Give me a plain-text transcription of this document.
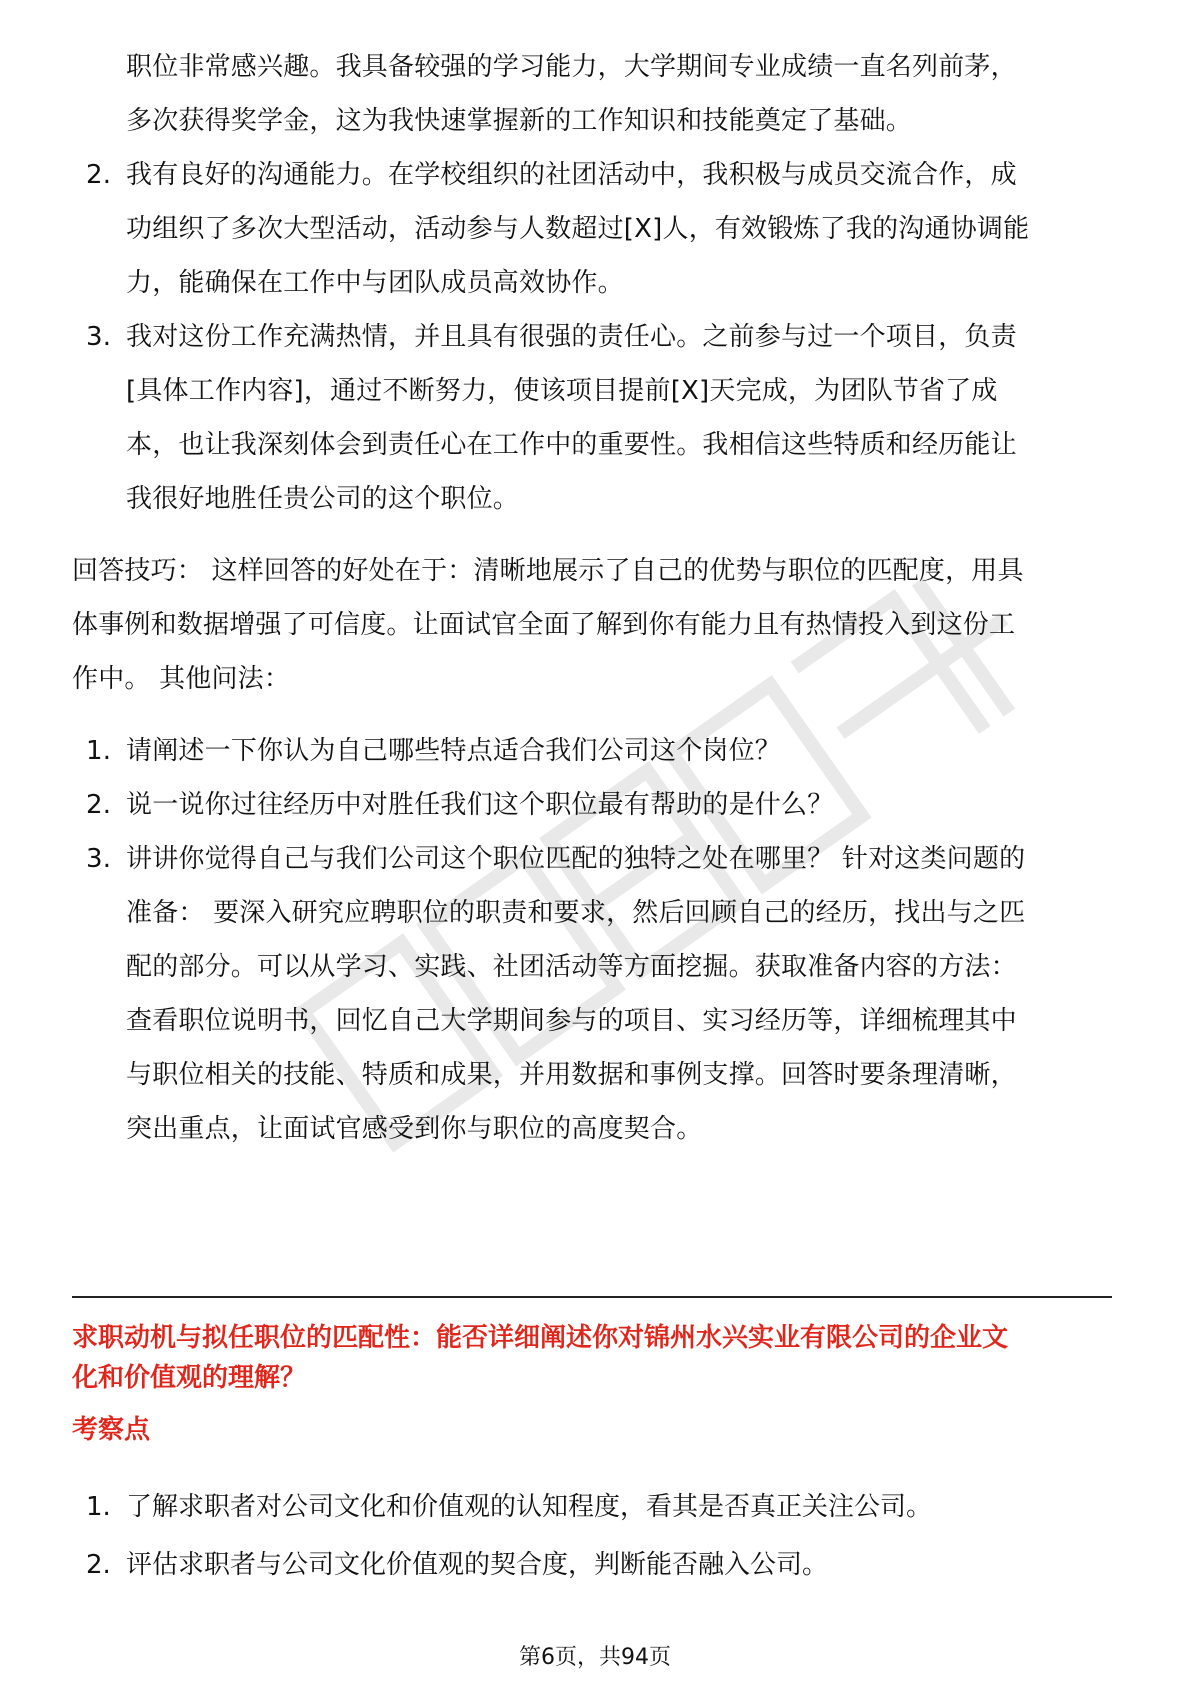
职位非常感兴趣。我具备较强的学习能力，大学期间专业成绩一直名列前茅，
多次获得奖学金，这为我快速掌握新的工作知识和技能奠定了基础。
2. 我有良好的沟通能力。在学校组织的社团活动中，我积极与成员交流合作，成
功组织了多次大型活动，活动参与人数超过[X]人，有效锻炼了我的沟通协调能
力，能确保在工作中与团队成员高效协作。
3. 我对这份工作充满热情，并且具有很强的责任心。之前参与过一个项目，负责
[具体工作内容]，通过不断努力，使该项目提前[X]天完成，为团队节省了成
本，也让我深刻体会到责任心在工作中的重要性。我相信这些特质和经历能让
我很好地胜任贵公司的这个职位。
回答技巧： 这样回答的好处在于：清晰地展示了自己的优势与职位的匹配度，用具
体事例和数据增强了可信度。让面试官全面了解到你有能力且有热情投入到这份工
作中。 其他问法：
1. 请阐述一下你认为自己哪些特点适合我们公司这个岗位？
2. 说一说你过往经历中对胜任我们这个职位最有帮助的是什么？
3. 讲讲你觉得自己与我们公司这个职位匹配的独特之处在哪里？ 针对这类问题的
准备： 要深入研究应聘职位的职责和要求，然后回顾自己的经历，找出与之匹
配的部分。可以从学习、实践、社团活动等方面挖掘。获取准备内容的方法：
查看职位说明书，回忆自己大学期间参与的项目、实习经历等，详细梳理其中
与职位相关的技能、特质和成果，并用数据和事例支撑。回答时要条理清晰，
突出重点，让面试官感受到你与职位的高度契合。
求职动机与拟任职位的匹配性：能否详细阐述你对锦州水兴实业有限公司的企业文
化和价值观的理解？
考察点
1. 了解求职者对公司文化和价值观的认知程度，看其是否真正关注公司。
2. 评估求职者与公司文化价值观的契合度，判断能否融入公司。
第6页，共94页
